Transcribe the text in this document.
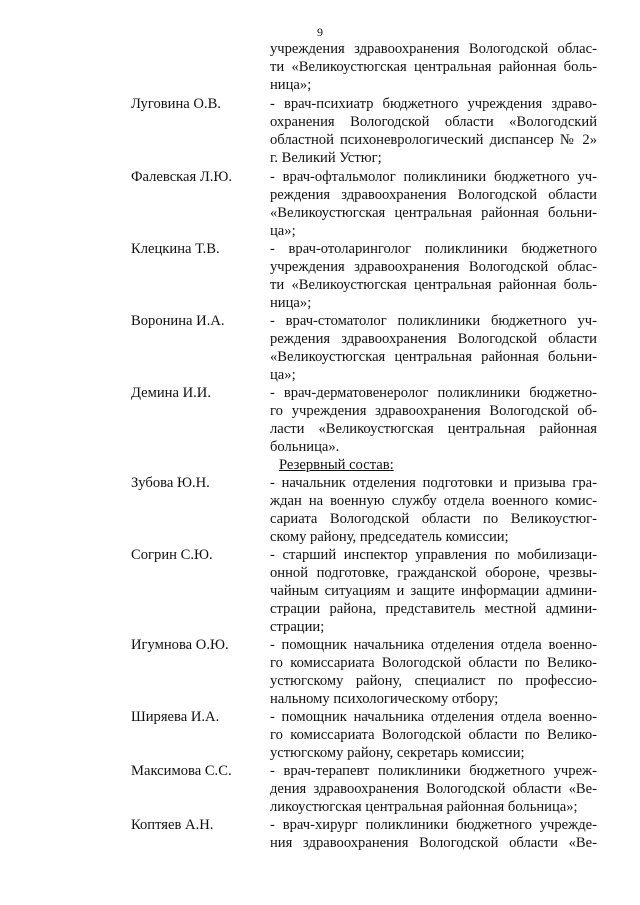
9
учреждения здравоохранения Вологодской облас-
ти «Великоустюгская центральная районная боль-
ница»;
Луговина О.В.	- врач-психиатр бюджетного учреждения здраво-
охранения Вологодской области «Вологодский
областной психоневрологический диспансер № 2»
г. Великий Устюг;
Фалевская Л.Ю.	- врач-офтальмолог поликлиники бюджетного уч-
реждения здравоохранения Вологодской области
«Великоустюгская центральная районная больни-
ца»;
Клецкина Т.В.	- врач-отоларинголог поликлиники бюджетного
учреждения здравоохранения Вологодской облас-
ти «Великоустюгская центральная районная боль-
ница»;
Воронина И.А.	- врач-стоматолог поликлиники бюджетного уч-
реждения здравоохранения Вологодской области
«Великоустюгская центральная районная больни-
ца»;
Демина И.И.	- врач-дерматовенеролог поликлиники бюджетно-
го учреждения здравоохранения Вологодской об-
ласти «Великоустюгская центральная районная
больница».
Резервный состав:
Зубова Ю.Н.	- начальник отделения подготовки и призыва гра-
ждан на военную службу отдела военного комис-
сариата Вологодской области по Великоустюг-
скому району, председатель комиссии;
Согрин С.Ю.	- старший инспектор управления по мобилизаци-
онной подготовке, гражданской обороне, чрезвы-
чайным ситуациям и защите информации админи-
страции района, представитель местной админи-
страции;
Игумнова О.Ю.	- помощник начальника отделения отдела военно-
го комиссариата Вологодской области по Велико-
устюгскому району, специалист по профессио-
нальному психологическому отбору;
Ширяева И.А.	- помощник начальника отделения отдела военно-
го комиссариата Вологодской области по Велико-
устюгскому району, секретарь комиссии;
Максимова С.С.	- врач-терапевт поликлиники бюджетного учреж-
дения здравоохранения Вологодской области «Ве-
ликоустюгская центральная районная больница»;
Коптяев А.Н.	- врач-хирург поликлиники бюджетного учрежде-
ния здравоохранения Вологодской области «Ве-
